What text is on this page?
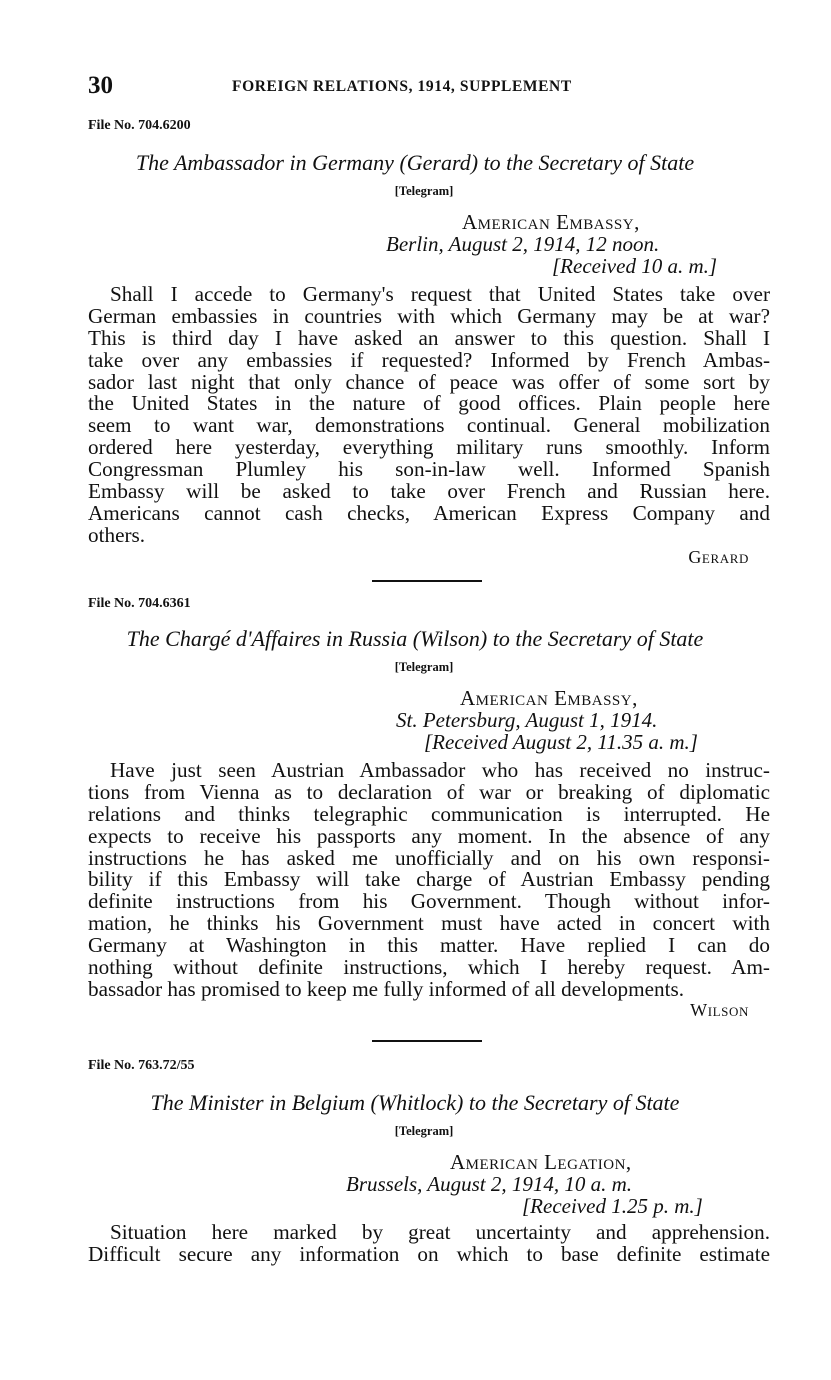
30	FOREIGN RELATIONS, 1914, SUPPLEMENT
File No. 704.6200
The Ambassador in Germany (Gerard) to the Secretary of State
[Telegram]
American Embassy,
Berlin, August 2, 1914, 12 noon.
[Received 10 a. m.]
Shall I accede to Germany's request that United States take over
German embassies in countries with which Germany may be at war?
This is third day I have asked an answer to this question. Shall I
take over any embassies if requested? Informed by French Ambas-
sador last night that only chance of peace was offer of some sort by
the United States in the nature of good offices. Plain people here
seem to want war, demonstrations continual. General mobilization
ordered here yesterday, everything military runs smoothly. Inform
Congressman Plumley his son-in-law well. Informed Spanish
Embassy will be asked to take over French and Russian here.
Americans cannot cash checks, American Express Company and
others.
Gerard
File No. 704.6361
The Chargé d'Affaires in Russia (Wilson) to the Secretary of State
[Telegram]
American Embassy,
St. Petersburg, August 1, 1914.
[Received August 2, 11.35 a. m.]
Have just seen Austrian Ambassador who has received no instruc-
tions from Vienna as to declaration of war or breaking of diplomatic
relations and thinks telegraphic communication is interrupted. He
expects to receive his passports any moment. In the absence of any
instructions he has asked me unofficially and on his own responsi-
bility if this Embassy will take charge of Austrian Embassy pending
definite instructions from his Government. Though without infor-
mation, he thinks his Government must have acted in concert with
Germany at Washington in this matter. Have replied I can do
nothing without definite instructions, which I hereby request. Am-
bassador has promised to keep me fully informed of all developments.
Wilson
File No. 763.72/55
The Minister in Belgium (Whitlock) to the Secretary of State
[Telegram]
American Legation,
Brussels, August 2, 1914, 10 a. m.
[Received 1.25 p. m.]
Situation here marked by great uncertainty and apprehension.
Difficult secure any information on which to base definite estimate
